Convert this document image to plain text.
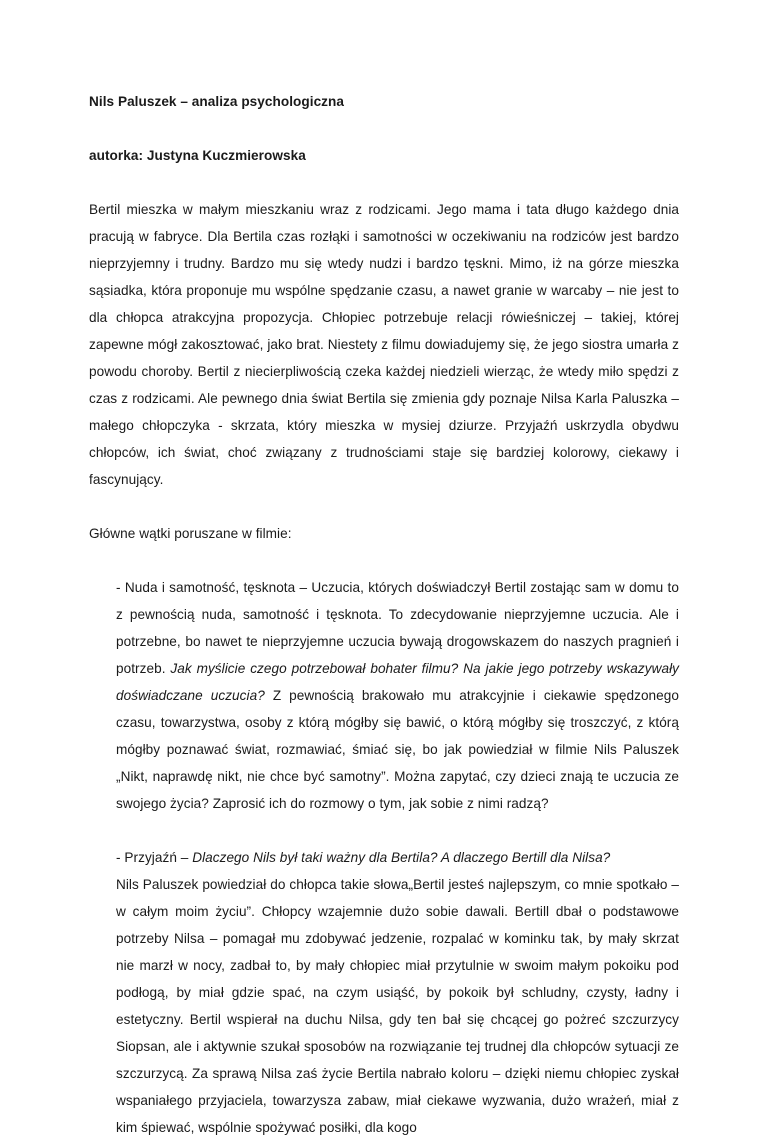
Nils Paluszek – analiza psychologiczna

autorka: Justyna Kuczmierowska

Bertil mieszka w małym mieszkaniu wraz z rodzicami. Jego mama i tata długo każdego dnia pracują w fabryce. Dla Bertila czas rozłąki i samotności w oczekiwaniu na rodziców jest bardzo nieprzyjemny i trudny. Bardzo mu się wtedy nudzi i bardzo tęskni. Mimo, iż na górze mieszka sąsiadka, która proponuje mu wspólne spędzanie czasu, a nawet granie w warcaby – nie jest to dla chłopca atrakcyjna propozycja. Chłopiec potrzebuje relacji rówieśniczej – takiej, której zapewne mógł zakosztować, jako brat. Niestety z filmu dowiadujemy się, że jego siostra umarła z powodu choroby. Bertil z niecierpliwością czeka każdej niedzieli wierząc, że wtedy miło spędzi z czas z rodzicami. Ale pewnego dnia świat Bertila się zmienia gdy poznaje Nilsa Karla Paluszka – małego chłopczyka - skrzata, który mieszka w mysiej dziurze. Przyjaźń uskrzydla obydwu chłopców, ich świat, choć związany z trudnościami staje się bardziej kolorowy, ciekawy i fascynujący.

Główne wątki poruszane w filmie:

- Nuda i samotność, tęsknota – Uczucia, których doświadczył Bertil zostając sam w domu to z pewnością nuda, samotność i tęsknota. To zdecydowanie nieprzyjemne uczucia. Ale i potrzebne, bo nawet te nieprzyjemne uczucia bywają drogowskazem do naszych pragnień i potrzeb. Jak myślicie czego potrzebował bohater filmu? Na jakie jego potrzeby wskazywały doświadczane uczucia? Z pewnością brakowało mu atrakcyjnie i ciekawie spędzonego czasu, towarzystwa, osoby z którą mógłby się bawić, o którą mógłby się troszczyć, z którą mógłby poznawać świat, rozmawiać, śmiać się, bo jak powiedział w filmie Nils Paluszek „Nikt, naprawdę nikt, nie chce być samotny”. Można zapytać, czy dzieci znają te uczucia ze swojego życia? Zaprosić ich do rozmowy o tym, jak sobie z nimi radzą?

- Przyjaźń – Dlaczego Nils był taki ważny dla Bertila? A dlaczego Bertill dla Nilsa?

Nils Paluszek powiedział do chłopca takie słowa„Bertil jesteś najlepszym, co mnie spotkało – w całym moim życiu”. Chłopcy wzajemnie dużo sobie dawali. Bertill dbał o podstawowe potrzeby Nilsa – pomagał mu zdobywać jedzenie, rozpalać w kominku tak, by mały skrzat nie marzł w nocy, zadbał to, by mały chłopiec miał przytulnie w swoim małym pokoiku pod podłogą, by miał gdzie spać, na czym usiąść, by pokoik był schludny, czysty, ładny i estetyczny. Bertil wspierał na duchu Nilsa, gdy ten bał się chcącej go pożreć szczurzycy Siopsan, ale i aktywnie szukał sposobów na rozwiązanie tej trudnej dla chłopców sytuacji ze szczurzycą. Za sprawą Nilsa zaś życie Bertila nabrało koloru – dzięki niemu chłopiec zyskał wspaniałego przyjaciela, towarzysza zabaw, miał ciekawe wyzwania, dużo wrażeń, miał z kim śpiewać, wspólnie spożywać posiłki, dla kogo
